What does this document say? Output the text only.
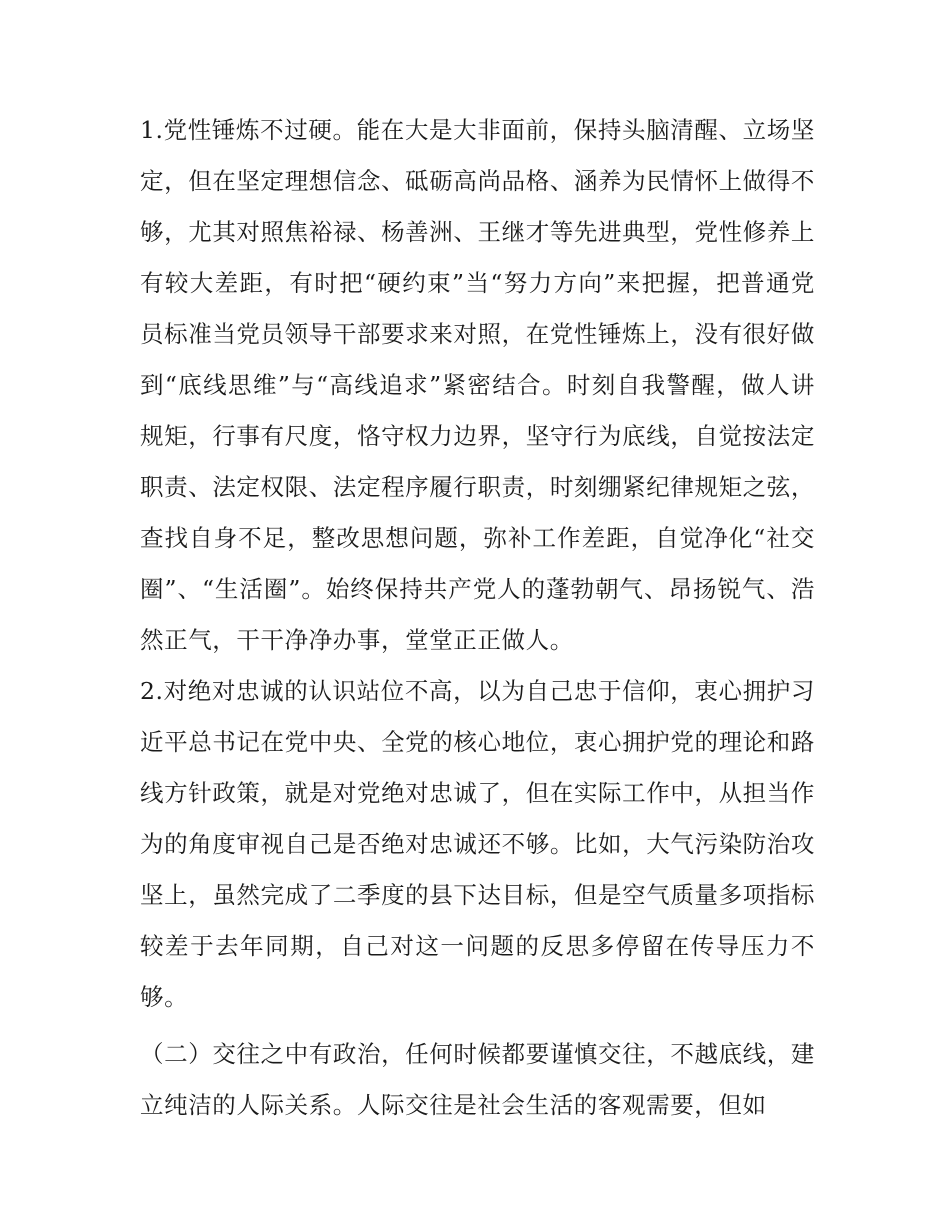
1.党性锤炼不过硬。能在大是大非面前，保持头脑清醒、立场坚定，但在坚定理想信念、砥砺高尚品格、涵养为民情怀上做得不够，尤其对照焦裕禄、杨善洲、王继才等先进典型，党性修养上有较大差距，有时把“硬约束”当“努力方向”来把握，把普通党员标准当党员领导干部要求来对照，在党性锤炼上，没有很好做到“底线思维”与“高线追求”紧密结合。时刻自我警醒，做人讲规矩，行事有尺度，恪守权力边界，坚守行为底线，自觉按法定职责、法定权限、法定程序履行职责，时刻绷紧纪律规矩之弦，查找自身不足，整改思想问题，弥补工作差距，自觉净化“社交圈”、“生活圈”。始终保持共产党人的蓬勃朝气、昂扬锐气、浩然正气，干干净净办事，堂堂正正做人。

2.对绝对忠诚的认识站位不高，以为自己忠于信仰，衷心拥护习近平总书记在党中央、全党的核心地位，衷心拥护党的理论和路线方针政策，就是对党绝对忠诚了，但在实际工作中，从担当作为的角度审视自己是否绝对忠诚还不够。比如，大气污染防治攻坚上，虽然完成了二季度的县下达目标，但是空气质量多项指标较差于去年同期，自己对这一问题的反思多停留在传导压力不够。

（二）交往之中有政治，任何时候都要谨慎交往，不越底线，建立纯洁的人际关系。人际交往是社会生活的客观需要，但如
